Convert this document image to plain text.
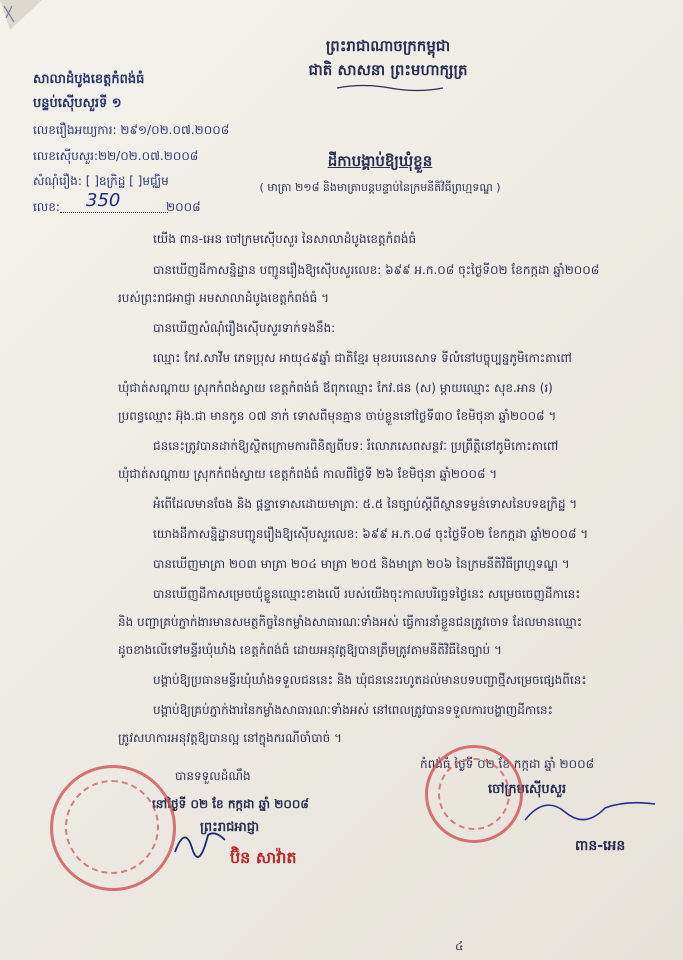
ព្រះរាជាណាចក្រកម្ពុជា
ជាតិ សាសនា ព្រះមហាក្សត្រ
សាលាដំបូងខេត្តកំពង់ធំ
បន្ទប់ស៊ើបសួរទី ១
លេខរឿងអយ្យការ: ២៩១/០២.០៧.២០០៨
លេខស៊ើបសួរ:២២/០២.០៧.២០០៨
សំណុំរឿង: [ ]ឧក្រិដ្ឋ [ ]មជ្ឈិម
លេខ: 350	២០០៨
ដីកាបង្គាប់ឱ្យឃុំខ្លួន
( មាត្រា ២១៨ និងមាត្រាបន្តបន្ទាប់នៃក្រមនីតិវិធីព្រហ្មទណ្ឌ )
យើង ពាន-អេន ចៅក្រមស៊ើបសួរ នៃសាលាដំបូងខេត្តកំពង់ធំ
បានឃើញដីកាសន្និដ្ឋាន បញ្ជូនរឿងឱ្យស៊ើបសួរលេខ: ៦៩៩ អ.ក.០៨ ចុះថ្ងៃទី០២ ខែកក្កដា ឆ្នាំ២០០៨
របស់ព្រះរាជអាជ្ញា អមសាលាដំបូងខេត្តកំពង់ធំ ។
បានឃើញសំណុំរឿងស៊ើបសួរទាក់ទងនឹង:
ឈ្មោះ កែវ.សាវីម ភេទប្រុស អាយុ៤៩ឆ្នាំ ជាតិខ្មែរ មុខរបរនេសាទ ទីលំនៅបច្ចុប្បន្នភូមិកោះតាពៅ
ឃុំជាត់សណ្តាយ ស្រុកកំពង់ស្វាយ ខេត្តកំពង់ធំ ឪពុកឈ្មោះ កែវ.ផន (ស) ម្តាយឈ្មោះ សុខ.អាន (រ)
ប្រពន្ធឈ្មោះ អ៊ុង.ជា មានកូន ០៧ នាក់ ទោសពីមុនគ្មាន ចាប់ខ្លួននៅថ្ងៃទី៣០ ខែមិថុនា ឆ្នាំ២០០៨ ។
ជននេះត្រូវបានដាក់ឱ្យស្ថិតក្រោមការពិនិត្យពីបទ: រំលោភសេពសន្ថវៈ ប្រព្រឹត្តិនៅភូមិកោះតាពៅ
ឃុំជាត់សណ្តាយ ស្រុកកំពង់ស្វាយ ខេត្តកំពង់ធំ កាលពីថ្ងៃទី ២៦ ខែមិថុនា ឆ្នាំ២០០៨ ។
អំពើដែលមានចែង និង ផ្តន្ទាទោសដោយមាត្រា: ៥.៥ នៃច្បាប់ស្តីពីស្ថានទម្ងន់ទោសនៃបទឧក្រិដ្ឋ ។
យោងដីកាសន្និដ្ឋានបញ្ជូនរឿងឱ្យស៊ើបសួរលេខ: ៦៩៩ អ.ក.០៨ ចុះថ្ងៃទី០២ ខែកក្កដា ឆ្នាំ២០០៨ ។
បានឃើញមាត្រា ២០៣ មាត្រា ២០៤ មាត្រា ២០៥ និងមាត្រា ២០៦ នៃក្រមនីតិវិធីព្រហ្មទណ្ឌ ។
បានឃើញដីកាសម្រេចឃុំខ្លួនឈ្មោះខាងលើ របស់យើងចុះកាលបរិច្ឆេទថ្ងៃនេះ សម្រេចចេញដីកានេះ
និង បញ្ជាគ្រប់ភ្នាក់ងារមានសមត្ថកិច្ចនៃកម្លាំងសាធារណៈទាំងអស់ ធ្វើការនាំខ្លួនជនត្រូវចោទ ដែលមានឈ្មោះ
ដូចខាងលើទៅមន្ទីរឃុំឃាំង ខេត្តកំពង់ធំ ដោយអនុវត្តឱ្យបានត្រឹមត្រូវតាមនីតិវិធីនៃច្បាប់ ។
បង្គាប់ឱ្យប្រធានមន្ទីរឃុំឃាំងទទួលជននេះ និង ឃុំជននេះរហូតដល់មានបទបញ្ជាថ្មីសម្រេចផ្សេងពីនេះ
បង្គាប់ឱ្យគ្រប់ភ្នាក់ងារនៃកម្លាំងសាធារណៈទាំងអស់ នៅពេលត្រូវបានទទួលការបង្ហាញដីកានេះ
ត្រូវសហការអនុវត្តឱ្យបានល្អ នៅក្នុងករណីចាំបាច់ ។
កំពង់ធំ ថ្ងៃទី ០២ ខែ កក្កដា ឆ្នាំ ២០០៨
ចៅក្រមស៊ើបសួរ
ពាន-អេន
បានទទួលដំណឹង
នៅថ្ងៃទី ០២ ខែ កក្កដា ឆ្នាំ ២០០៨
ព្រះរាជអាជ្ញា
ប៊ិន សាវ៉ាត
៤
